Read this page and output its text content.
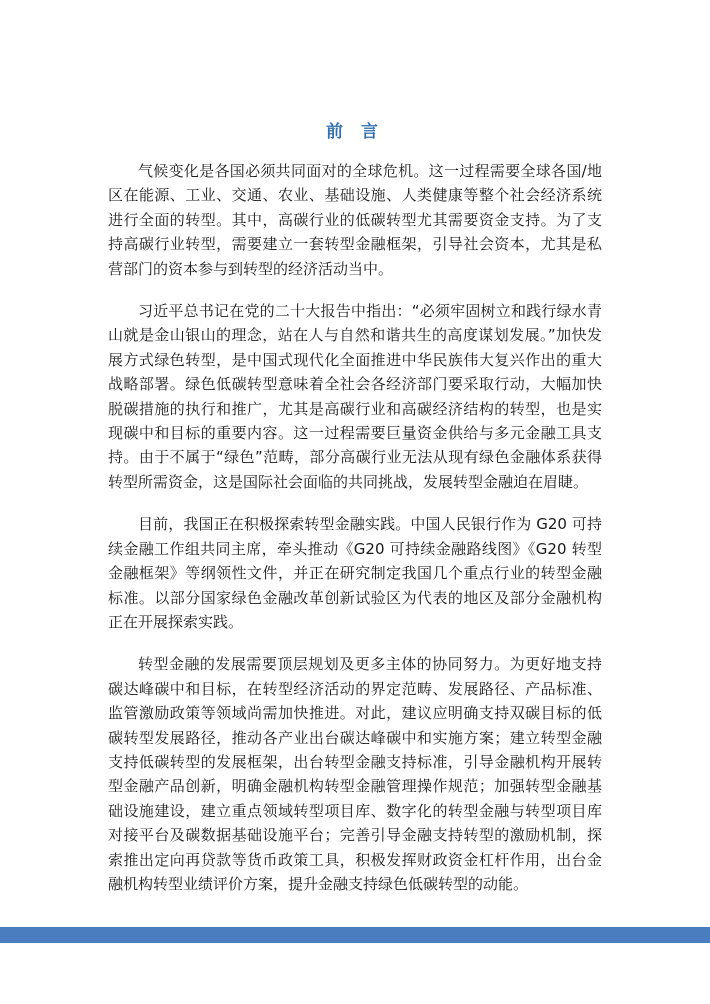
前 言

气候变化是各国必须共同面对的全球危机。这一过程需要全球各国/地区在能源、工业、交通、农业、基础设施、人类健康等整个社会经济系统进行全面的转型。其中，高碳行业的低碳转型尤其需要资金支持。为了支持高碳行业转型，需要建立一套转型金融框架，引导社会资本，尤其是私营部门的资本参与到转型的经济活动当中。

习近平总书记在党的二十大报告中指出：“必须牢固树立和践行绿水青山就是金山银山的理念，站在人与自然和谐共生的高度谋划发展。”加快发展方式绿色转型，是中国式现代化全面推进中华民族伟大复兴作出的重大战略部署。绿色低碳转型意味着全社会各经济部门要采取行动，大幅加快脱碳措施的执行和推广，尤其是高碳行业和高碳经济结构的转型，也是实现碳中和目标的重要内容。这一过程需要巨量资金供给与多元金融工具支持。由于不属于“绿色”范畴，部分高碳行业无法从现有绿色金融体系获得转型所需资金，这是国际社会面临的共同挑战，发展转型金融迫在眉睫。

目前，我国正在积极探索转型金融实践。中国人民银行作为 G20 可持续金融工作组共同主席，牵头推动《G20 可持续金融路线图》《G20 转型金融框架》等纲领性文件，并正在研究制定我国几个重点行业的转型金融标准。以部分国家绿色金融改革创新试验区为代表的地区及部分金融机构正在开展探索实践。

转型金融的发展需要顶层规划及更多主体的协同努力。为更好地支持碳达峰碳中和目标，在转型经济活动的界定范畴、发展路径、产品标准、监管激励政策等领域尚需加快推进。对此，建议应明确支持双碳目标的低碳转型发展路径，推动各产业出台碳达峰碳中和实施方案；建立转型金融支持低碳转型的发展框架，出台转型金融支持标准，引导金融机构开展转型金融产品创新，明确金融机构转型金融管理操作规范；加强转型金融基础设施建设，建立重点领域转型项目库、数字化的转型金融与转型项目库对接平台及碳数据基础设施平台；完善引导金融支持转型的激励机制，探索推出定向再贷款等货币政策工具，积极发挥财政资金杠杆作用，出台金融机构转型业绩评价方案，提升金融支持绿色低碳转型的动能。
